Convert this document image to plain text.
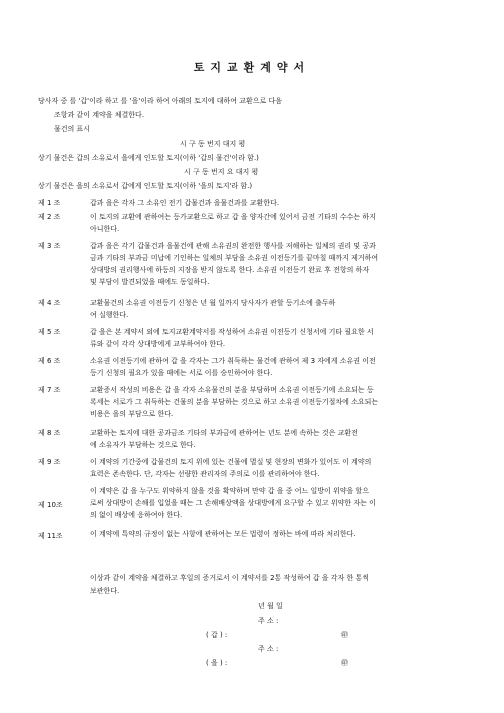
토지교환계약서
당사자 중 를 '갑'이라 하고 를 '을'이라 하여 아래의 토지에 대하여 교환으로 다음
조항과 같이 계약을 체결한다.
물건의 표시
시 구 동 번지 대지 평
상기 물건은 갑의 소유로서 을에게 인도할 토지(이하 '갑의 물건'이라 함.)
시 구 동 번지 요 대지 평
상기 물건은 을의 소유로서 갑에게 인도할 토지(이하 '을의 토지'라 함.)
제 1 조	갑과 을은 각자 그 소유인 전기 갑물건과 을물건과를 교환한다.
제 2 조	이 토지의 교환에 관하여는 등가교환으로 하고 갑 을 양자간에 있어서 금전 기타의 수수는 하지
아니한다.
제 3 조	갑과 을은 각기 갑물건과 을물건에 관해 소유권의 완전한 행사를 저해하는 일체의 권리 및 공과
금과 기타의 부과금 미납에 기인하는 일체의 부담을 소유권 이전등기를 끝마칠 때까지 제거하여
상대방의 권리행사에 하등의 지장을 받지 않도록 한다. 소유권 이전등기 완료 후 전항의 하자
및 부담이 발견되었을 때에도 동일하다.
제 4 조	교환물건의 소유권 이전등기 신청은 년 월 일까지 당사자가 관할 등기소에 출두하
여 실행한다.
제 5 조	갑 을은 본 계약서 외에 토지교환계약서를 작성하여 소유권 이전등기 신청서에 기타 필요한 서
류와 같이 각각 상대방에게 교부하여야 한다.
제 6 조	소유권 이전등기에 관하여 갑 을 각자는 그가 취득하는 물건에 관하여 제 3 자에게 소유권 이전
등기 신청의 필요가 있을 때에는 서로 이를 승인하여야 한다.
제 7 조	교환증서 작성의 비용은 갑 을 각자 소유물건의 분을 부담하며 소유권 이전등기에 소요되는 등
록세는 서로가 그 취득하는 건물의 분을 부담하는 것으로 하고 소유권 이전등기절차에 소요되는
비용은 을의 부담으로 한다.
제 8 조	교환하는 토지에 대한 공과금조 기타의 부과금에 관하여는 년도 분에 속하는 것은 교환전
에 소유자가 부담하는 것으로 한다.
제 9 조	이 계약의 기간중에 갑물건의 토지 위에 있는 건물에 멸실 및 현장의 변화가 있어도 이 계약의
효력은 존속한다. 단, 각자는 선량한 관리자의 주의로 이를 관리하여야 한다.
제 10조
이 계약은 갑 을 누구도 위약하지 않을 것을 확약하며 만약 갑 을 중 어느 일방이 위약을 할으
로써 상대방이 손해를 입었을 때는 그 손해배상액을 상대방에게 요구할 수 있고 위약한 자는 이
의 없이 배상에 응하여야 한다.
제 11조	이 계약에 특약의 규정이 없는 사항에 관하여는 모든 법령이 정하는 바에 따라 처리한다.
이상과 같이 계약을 체결하고 후일의 증거로서 이 계약서를 2통 작성하여 갑 을 각자 한 통씩
보관한다.
년 월 일
주 소 :
( 갑 ) :	㊞
주 소 :
( 을 ) :	㊞
